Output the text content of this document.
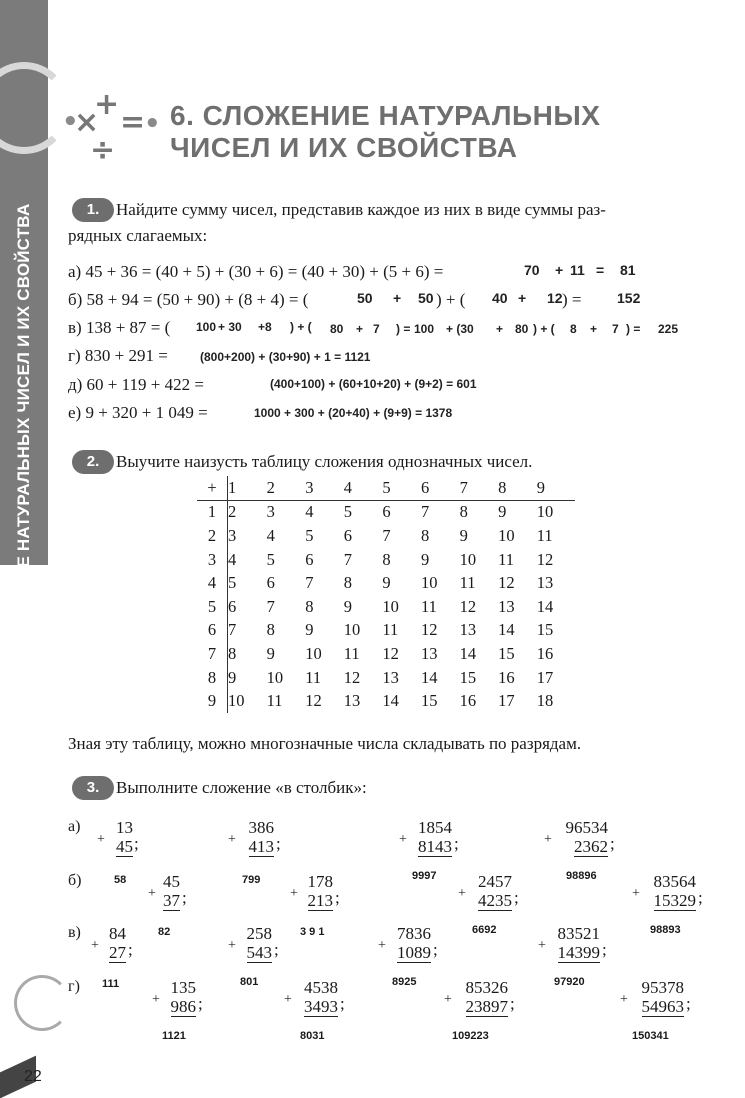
6. СЛОЖЕНИЕ НАТУРАЛЬНЫХ ЧИСЕЛ И ИХ СВОЙСТВА
•
×
+
=
÷
• 6. СЛОЖЕНИЕ НАТУРАЛЬНЫХ
ЧИСЕЛ И ИХ СВОЙСТВА
1. Найдите сумму чисел, представив каждое из них в виде суммы раз-
рядных слагаемых:
а) 45 + 36 = (40 + 5) + (30 + 6) = (40 + 30) + (5 + 6) =	70 + 11 = 81
б) 58 + 94 = (50 + 90) + (8 + 4) = (	50 + 50 ) + ( 40 + 12 ) =	152
в) 138 + 87 = ( 100 + 30 +8 ) + ( 80 + 7 ) = 100 + (30 + 80 ) + ( 8 + 7 ) = 225
г) 830 + 291 =	(800+200) + (30+90) + 1 = 1121
д) 60 + 119 + 422 =	(400+100) + (60+10+20) + (9+2) = 601
е) 9 + 320 + 1 049 =	1000 + 300 + (20+40) + (9+9) = 1378
2. Выучите наизусть таблицу сложения однозначных чисел.
+	1	2	3	4	5	6	7	8	9
1	2	3	4	5	6	7	8	9	10
2	3	4	5	6	7	8	9	10	11
3	4	5	6	7	8	9	10	11	12
4	5	6	7	8	9	10	11	12	13
5	6	7	8	9	10	11	12	13	14
6	7	8	9	10	11	12	13	14	15
7	8	9	10	11	12	13	14	15	16
8	9	10	11	12	13	14	15	16	17
9	10	11	12	13	14	15	16	17	18
Зная эту таблицу, можно многозначные числа складывать по разрядам.
3. Выполните сложение «в столбик»:
а)
б)
в)
г)
+
13
45 ;
58
+
386
413 ;
799
+
1854
8143 ;
9997
+
96534
2362 ;
98896
+
45
37 ;
82
+
178
213 ;
3 9 1
+
2457
4235 ;
6692
+
83564
15329 ;
98893
+
84
27 ;
111
+
258
543 ;
801
+
7836
1089 ;
8925
+
83521
14399 ;
97920
+
135
986 ;
1121
+
4538
3493 ;
8031
+
85326
23897 ;
109223
+
95378
54963 ;
150341
22
